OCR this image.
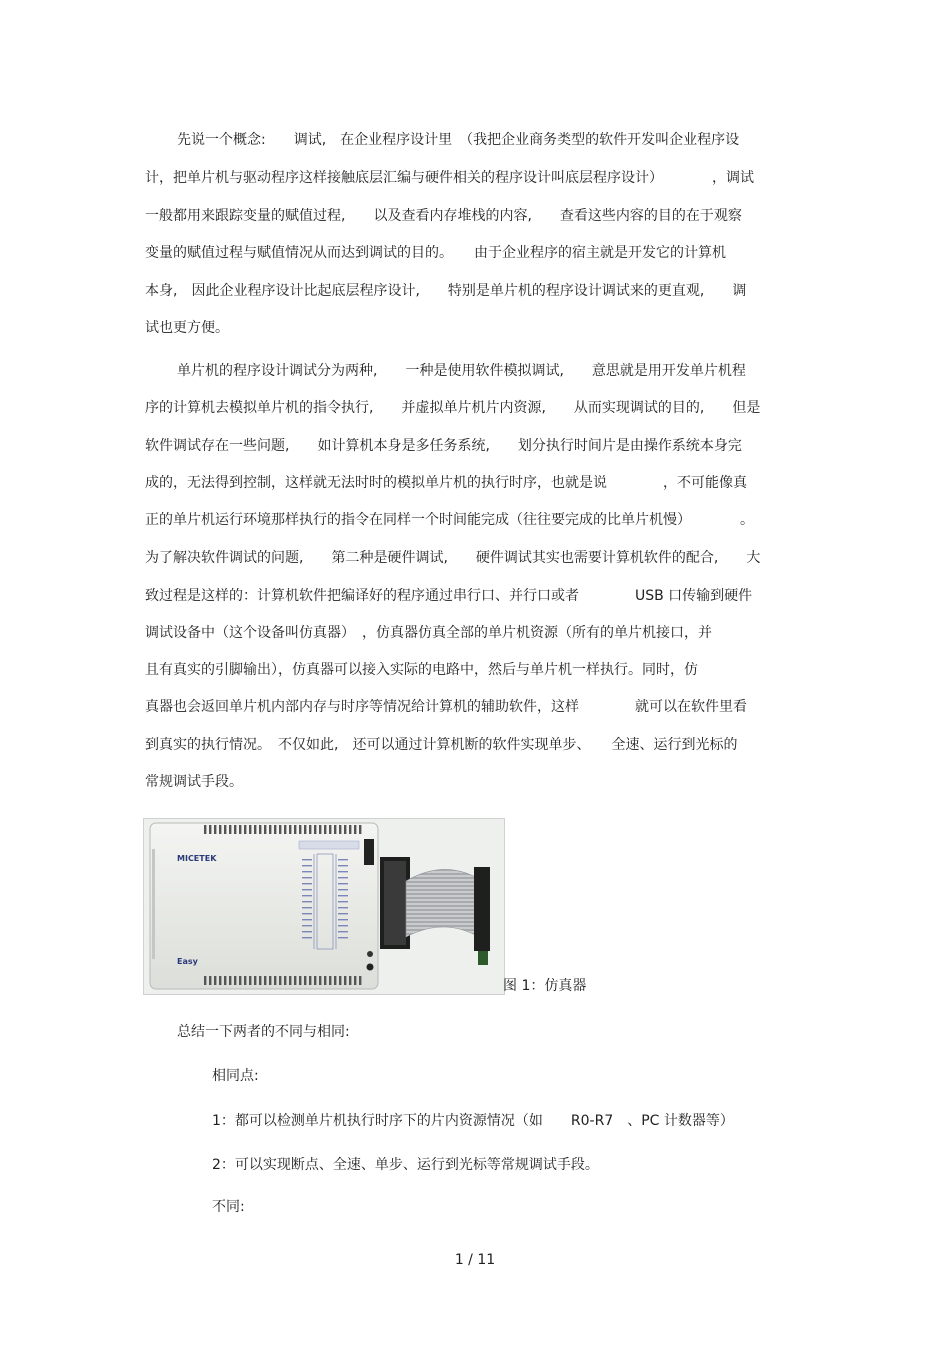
先说一个概念:　　调试,　在企业程序设计里　（我把企业商务类型的软件开发叫企业程序设
计，把单片机与驱动程序这样接触底层汇编与硬件相关的程序设计叫底层程序设计）　　　　，调试
一般都用来跟踪变量的赋值过程,　　以及查看内存堆栈的内容,　　查看这些内容的目的在于观察
变量的赋值过程与赋值情况从而达到调试的目的。　　由于企业程序的宿主就是开发它的计算机
本身,　因此企业程序设计比起底层程序设计,　　特别是单片机的程序设计调试来的更直观,　　调
试也更方便。
单片机的程序设计调试分为两种,　　一种是使用软件模拟调试,　　意思就是用开发单片机程
序的计算机去模拟单片机的指令执行,　　并虚拟单片机片内资源,　　从而实现调试的目的,　　但是
软件调试存在一些问题,　　如计算机本身是多任务系统,　　划分执行时间片是由操作系统本身完
成的，无法得到控制，这样就无法时时的模拟单片机的执行时序，也就是说　　　　，不可能像真
正的单片机运行环境那样执行的指令在同样一个时间能完成（往往要完成的比单片机慢）　　　　。
为了解决软件调试的问题,　　第二种是硬件调试,　　硬件调试其实也需要计算机软件的配合,　　大
致过程是这样的：计算机软件把编译好的程序通过串行口、并行口或者　　　　USB 口传输到硬件
调试设备中（这个设备叫仿真器）　，仿真器仿真全部的单片机资源（所有的单片机接口，并
且有真实的引脚输出），仿真器可以接入实际的电路中，然后与单片机一样执行。同时，仿
真器也会返回单片机内部内存与时序等情况给计算机的辅助软件，这样　　　　就可以在软件里看
到真实的执行情况。　不仅如此,　还可以通过计算机断的软件实现单步、　　全速、运行到光标的
常规调试手段。
MICETEK
Easy
图 1：仿真器
总结一下两者的不同与相同:
相同点:
1：都可以检测单片机执行时序下的片内资源情况（如　　R0-R7　、PC 计数器等）
2：可以实现断点、全速、单步、运行到光标等常规调试手段。
不同:
1 / 11
